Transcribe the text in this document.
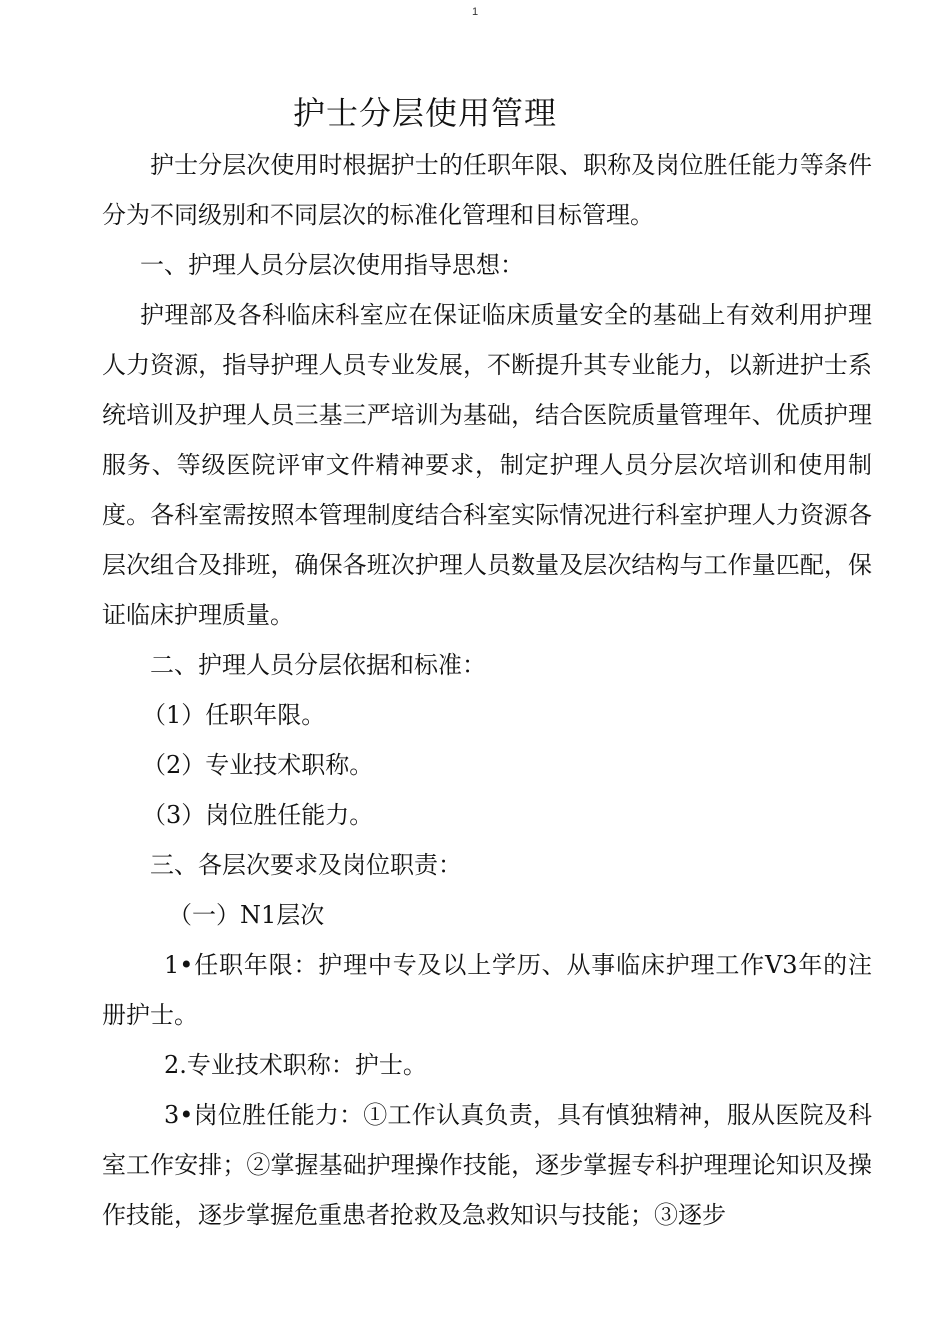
1
护士分层使用管理

护士分层次使用时根据护士的任职年限、职称及岗位胜任能力等条件分为不同级别和不同层次的标准化管理和目标管理。

一、护理人员分层次使用指导思想：

护理部及各科临床科室应在保证临床质量安全的基础上有效利用护理人力资源，指导护理人员专业发展，不断提升其专业能力，以新进护士系统培训及护理人员三基三严培训为基础，结合医院质量管理年、优质护理服务、等级医院评审文件精神要求，制定护理人员分层次培训和使用制度。各科室需按照本管理制度结合科室实际情况进行科室护理人力资源各层次组合及排班，确保各班次护理人员数量及层次结构与工作量匹配，保证临床护理质量。

二、护理人员分层依据和标准：

（1）任职年限。

（2）专业技术职称。

（3）岗位胜任能力。

三、各层次要求及岗位职责：

（一）N1层次

1•任职年限：护理中专及以上学历、从事临床护理工作V3年的注册护士。

2.专业技术职称：护士。

3•岗位胜任能力：①工作认真负责，具有慎独精神，服从医院及科室工作安排；②掌握基础护理操作技能，逐步掌握专科护理理论知识及操作技能，逐步掌握危重患者抢救及急救知识与技能；③逐步
